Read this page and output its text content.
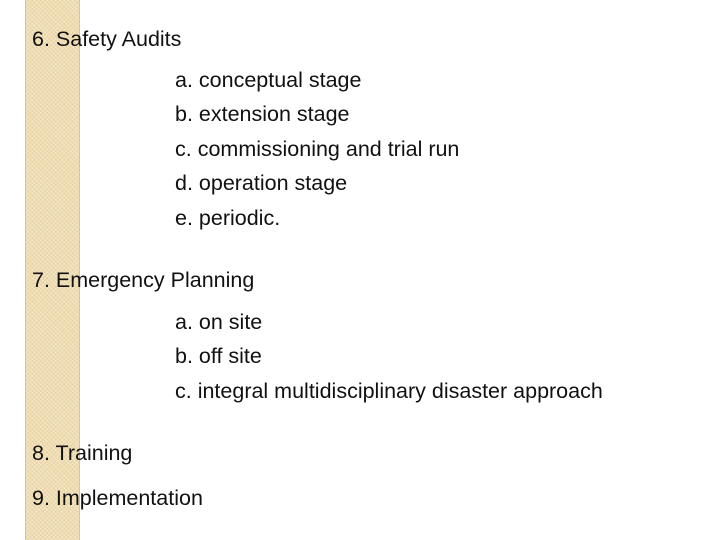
6. Safety Audits

a. conceptual stage

b. extension stage

c. commissioning and trial run

d. operation stage

e. periodic.

7. Emergency Planning

a. on site

b. off site

c. integral multidisciplinary disaster approach

8. Training

9. Implementation
